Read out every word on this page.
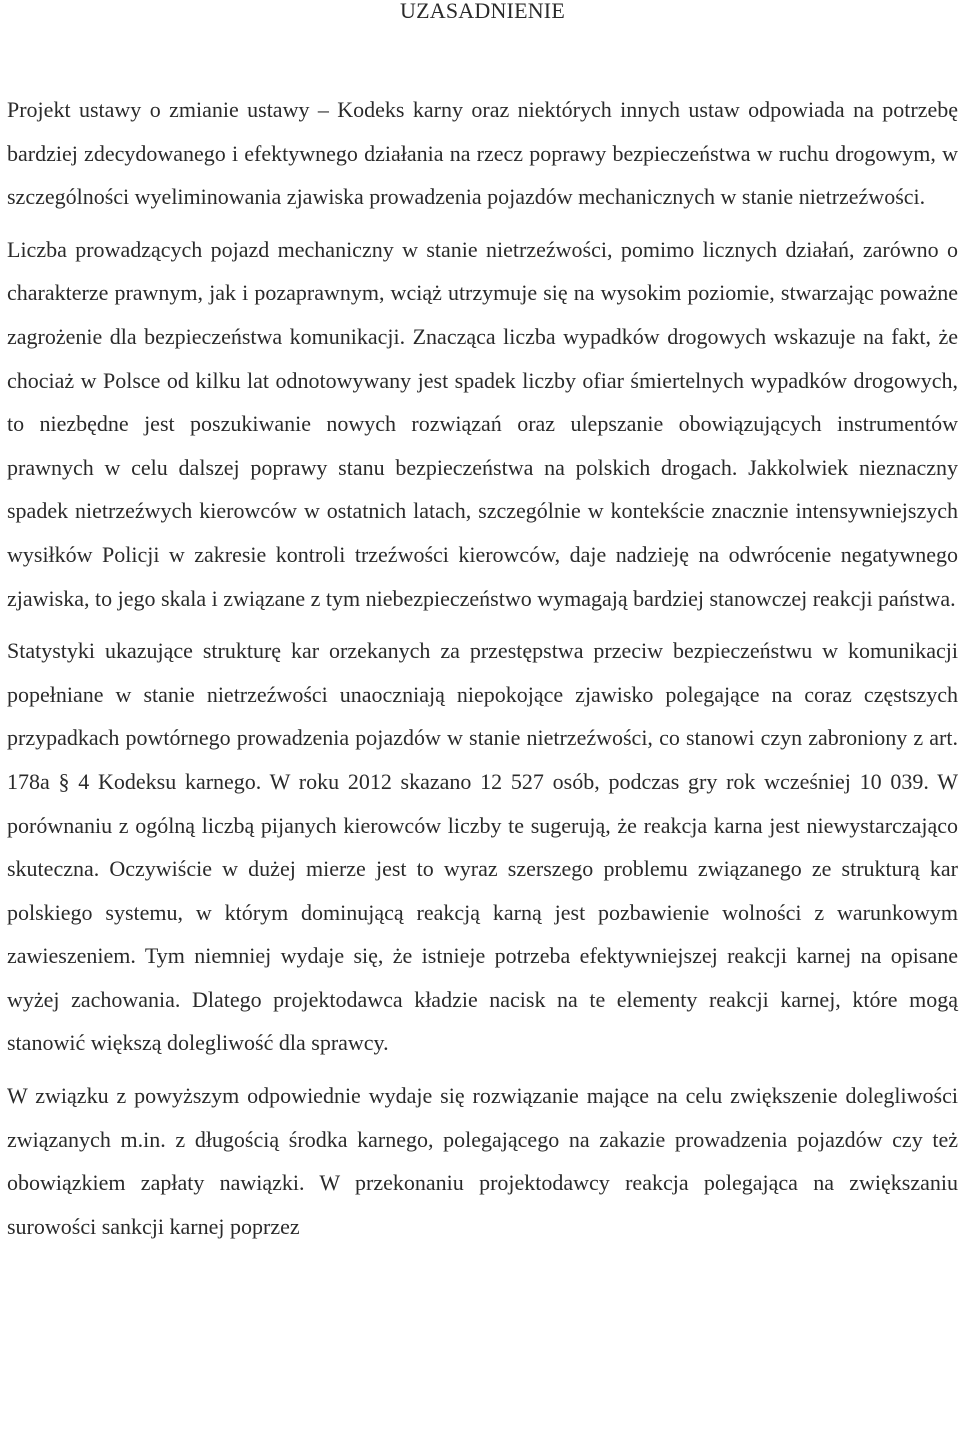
UZASADNIENIE

Projekt ustawy o zmianie ustawy – Kodeks karny oraz niektórych innych ustaw odpowiada na potrzebę bardziej zdecydowanego i efektywnego działania na rzecz poprawy bezpieczeństwa w ruchu drogowym, w szczególności wyeliminowania zjawiska prowadzenia pojazdów mechanicznych w stanie nietrzeźwości.

Liczba prowadzących pojazd mechaniczny w stanie nietrzeźwości, pomimo licznych działań, zarówno o charakterze prawnym, jak i pozaprawnym, wciąż utrzymuje się na wysokim poziomie, stwarzając poważne zagrożenie dla bezpieczeństwa komunikacji. Znacząca liczba wypadków drogowych wskazuje na fakt, że chociaż w Polsce od kilku lat odnotowywany jest spadek liczby ofiar śmiertelnych wypadków drogowych, to niezbędne jest poszukiwanie nowych rozwiązań oraz ulepszanie obowiązujących instrumentów prawnych w celu dalszej poprawy stanu bezpieczeństwa na polskich drogach. Jakkolwiek nieznaczny spadek nietrzeźwych kierowców w ostatnich latach, szczególnie w kontekście znacznie intensywniejszych wysiłków Policji w zakresie kontroli trzeźwości kierowców, daje nadzieję na odwrócenie negatywnego zjawiska, to jego skala i związane z tym niebezpieczeństwo wymagają bardziej stanowczej reakcji państwa.

Statystyki ukazujące strukturę kar orzekanych za przestępstwa przeciw bezpieczeństwu w komunikacji popełniane w stanie nietrzeźwości unaoczniają niepokojące zjawisko polegające na coraz częstszych przypadkach powtórnego prowadzenia pojazdów w stanie nietrzeźwości, co stanowi czyn zabroniony z art. 178a § 4 Kodeksu karnego. W roku 2012 skazano 12 527 osób, podczas gry rok wcześniej 10 039. W porównaniu z ogólną liczbą pijanych kierowców liczby te sugerują, że reakcja karna jest niewystarczająco skuteczna. Oczywiście w dużej mierze jest to wyraz szerszego problemu związanego ze strukturą kar polskiego systemu, w którym dominującą reakcją karną jest pozbawienie wolności z warunkowym zawieszeniem. Tym niemniej wydaje się, że istnieje potrzeba efektywniejszej reakcji karnej na opisane wyżej zachowania. Dlatego projektodawca kładzie nacisk na te elementy reakcji karnej, które mogą stanowić większą dolegliwość dla sprawcy.

W związku z powyższym odpowiednie wydaje się rozwiązanie mające na celu zwiększenie dolegliwości związanych m.in. z długością środka karnego, polegającego na zakazie prowadzenia pojazdów czy też obowiązkiem zapłaty nawiązki. W przekonaniu projektodawcy reakcja polegająca na zwiększaniu surowości sankcji karnej poprzez
